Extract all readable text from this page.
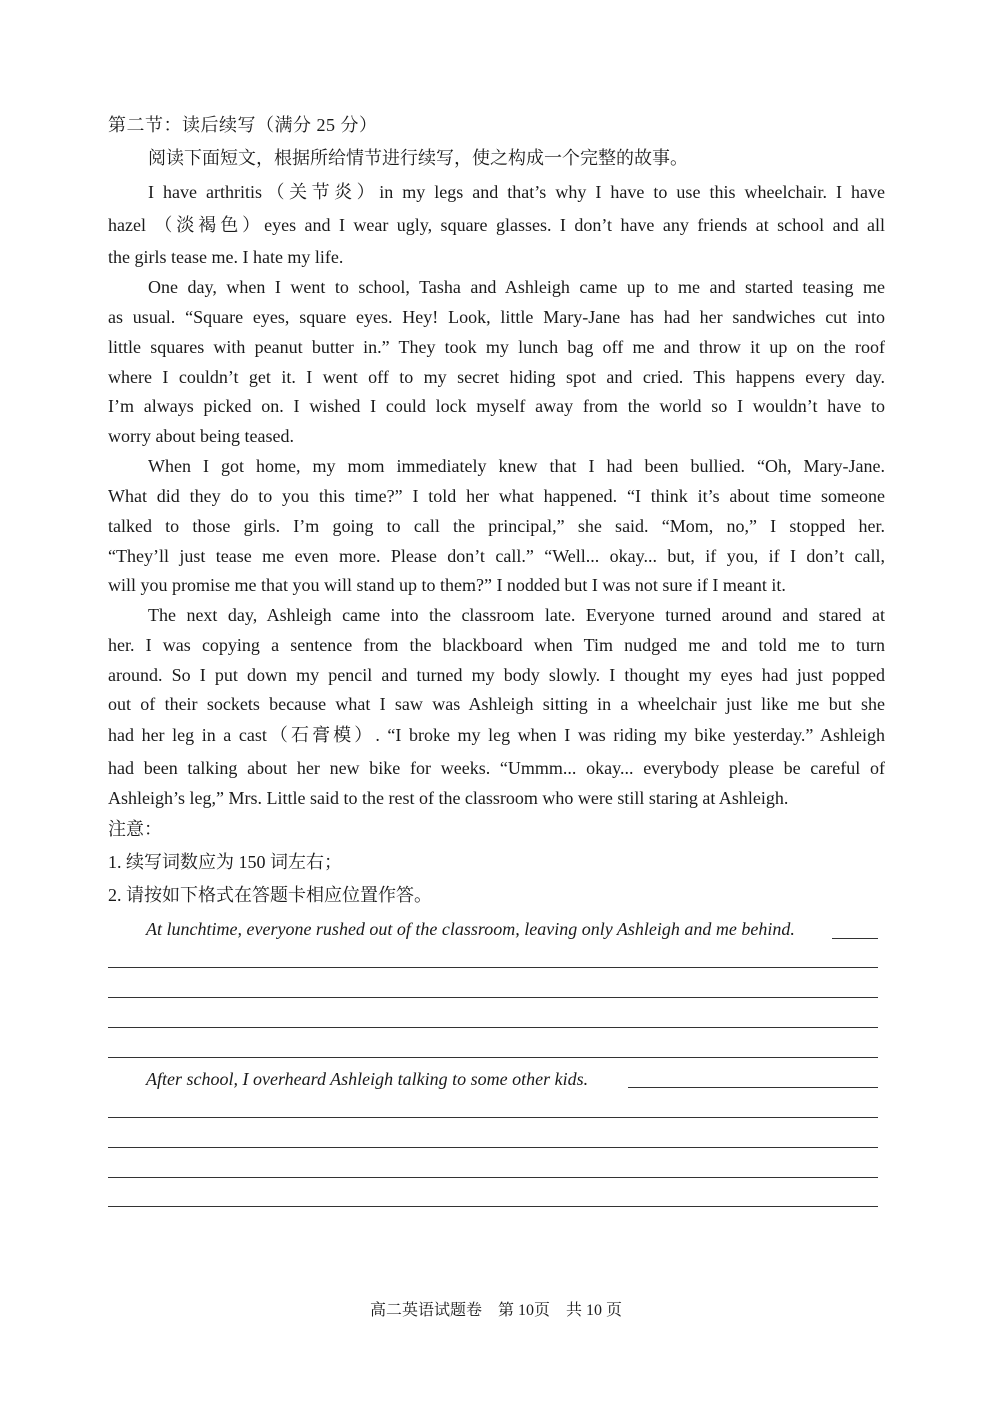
第二节：读后续写（满分 25 分）
阅读下面短文，根据所给情节进行续写，使之构成一个完整的故事。
I have arthritis（关节炎）in my legs and that’s why I have to use this wheelchair. I have
hazel （淡褐色）eyes and I wear ugly, square glasses. I don’t have any friends at school and all
the girls tease me. I hate my life.
One day, when I went to school, Tasha and Ashleigh came up to me and started teasing me
as usual. “Square eyes, square eyes. Hey! Look, little Mary-Jane has had her sandwiches cut into
little squares with peanut butter in.” They took my lunch bag off me and throw it up on the roof
where I couldn’t get it. I went off to my secret hiding spot and cried. This happens every day.
I’m always picked on. I wished I could lock myself away from the world so I wouldn’t have to
worry about being teased.
When I got home, my mom immediately knew that I had been bullied. “Oh, Mary-Jane.
What did they do to you this time?” I told her what happened. “I think it’s about time someone
talked to those girls. I’m going to call the principal,” she said. “Mom, no,” I stopped her.
“They’ll just tease me even more. Please don’t call.” “Well... okay... but, if you, if I don’t call,
will you promise me that you will stand up to them?” I nodded but I was not sure if I meant it.
The next day, Ashleigh came into the classroom late. Everyone turned around and stared at
her. I was copying a sentence from the blackboard when Tim nudged me and told me to turn
around. So I put down my pencil and turned my body slowly. I thought my eyes had just popped
out of their sockets because what I saw was Ashleigh sitting in a wheelchair just like me but she
had her leg in a cast（石膏模）. “I broke my leg when I was riding my bike yesterday.” Ashleigh
had been talking about her new bike for weeks. “Ummm... okay... everybody please be careful of
Ashleigh’s leg,” Mrs. Little said to the rest of the classroom who were still staring at Ashleigh.
注意：
1. 续写词数应为 150 词左右；
2. 请按如下格式在答题卡相应位置作答。
At lunchtime, everyone rushed out of the classroom, leaving only Ashleigh and me behind.
After school, I overheard Ashleigh talking to some other kids.
高二英语试题卷　第 10页　共 10 页
